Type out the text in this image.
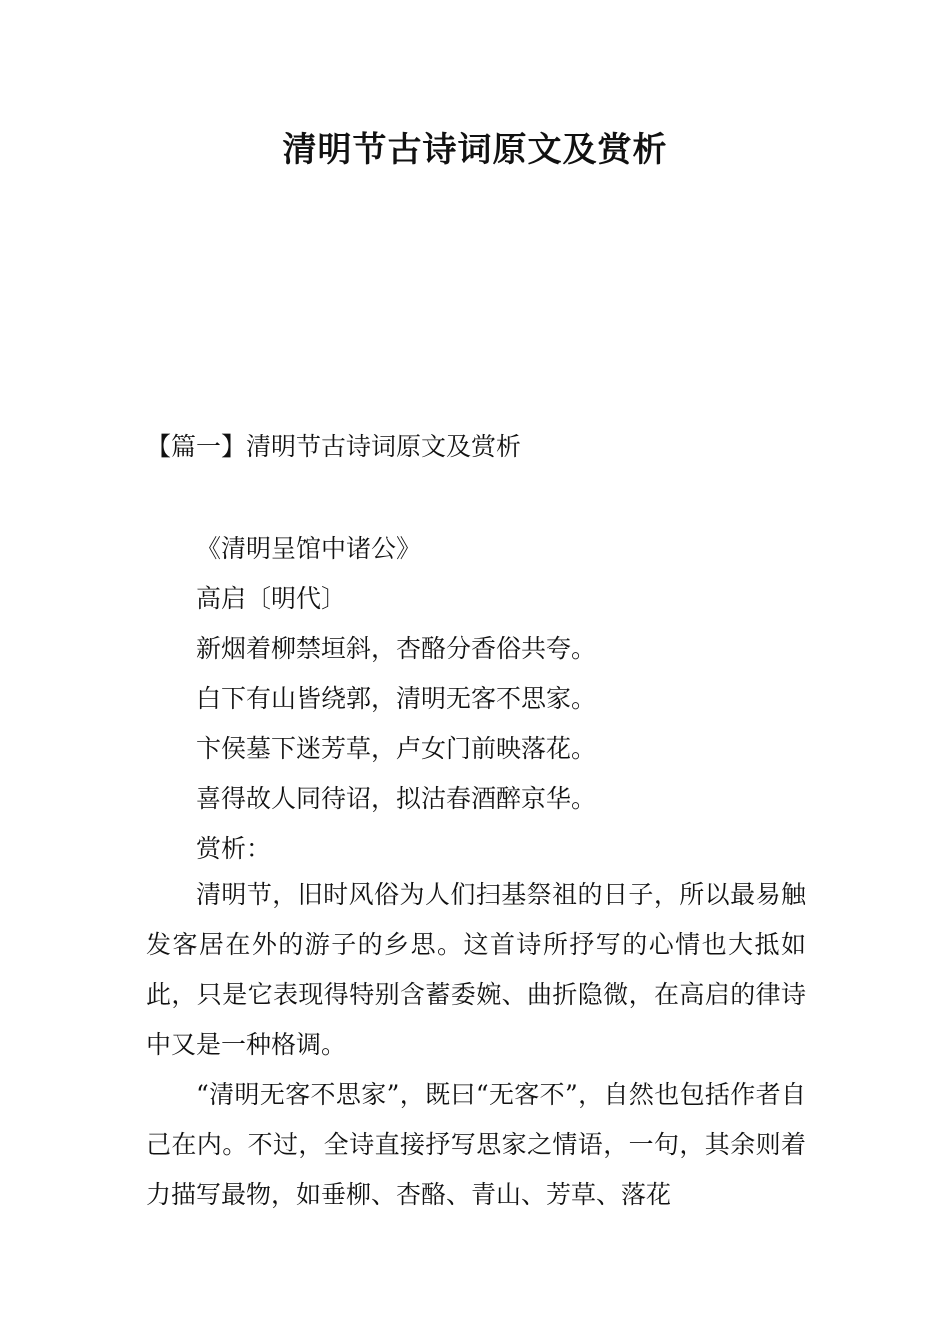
清明节古诗词原文及赏析
【篇一】清明节古诗词原文及赏析
《清明呈馆中诸公》
高启〔明代〕
新烟着柳禁垣斜，杏酪分香俗共夸。
白下有山皆绕郭，清明无客不思家。
卞侯墓下迷芳草，卢女门前映落花。
喜得故人同待诏，拟沽春酒醉京华。
赏析：
清明节，旧时风俗为人们扫基祭祖的日子，所以最易触发客居在外的游子的乡思。这首诗所抒写的心情也大抵如此，只是它表现得特别含蓄委婉、曲折隐微，在高启的律诗中又是一种格调。
“清明无客不思家”，既曰“无客不”，自然也包括作者自己在内。不过，全诗直接抒写思家之情语，一句，其余则着力描写最物，如垂柳、杏酪、青山、芳草、落花
